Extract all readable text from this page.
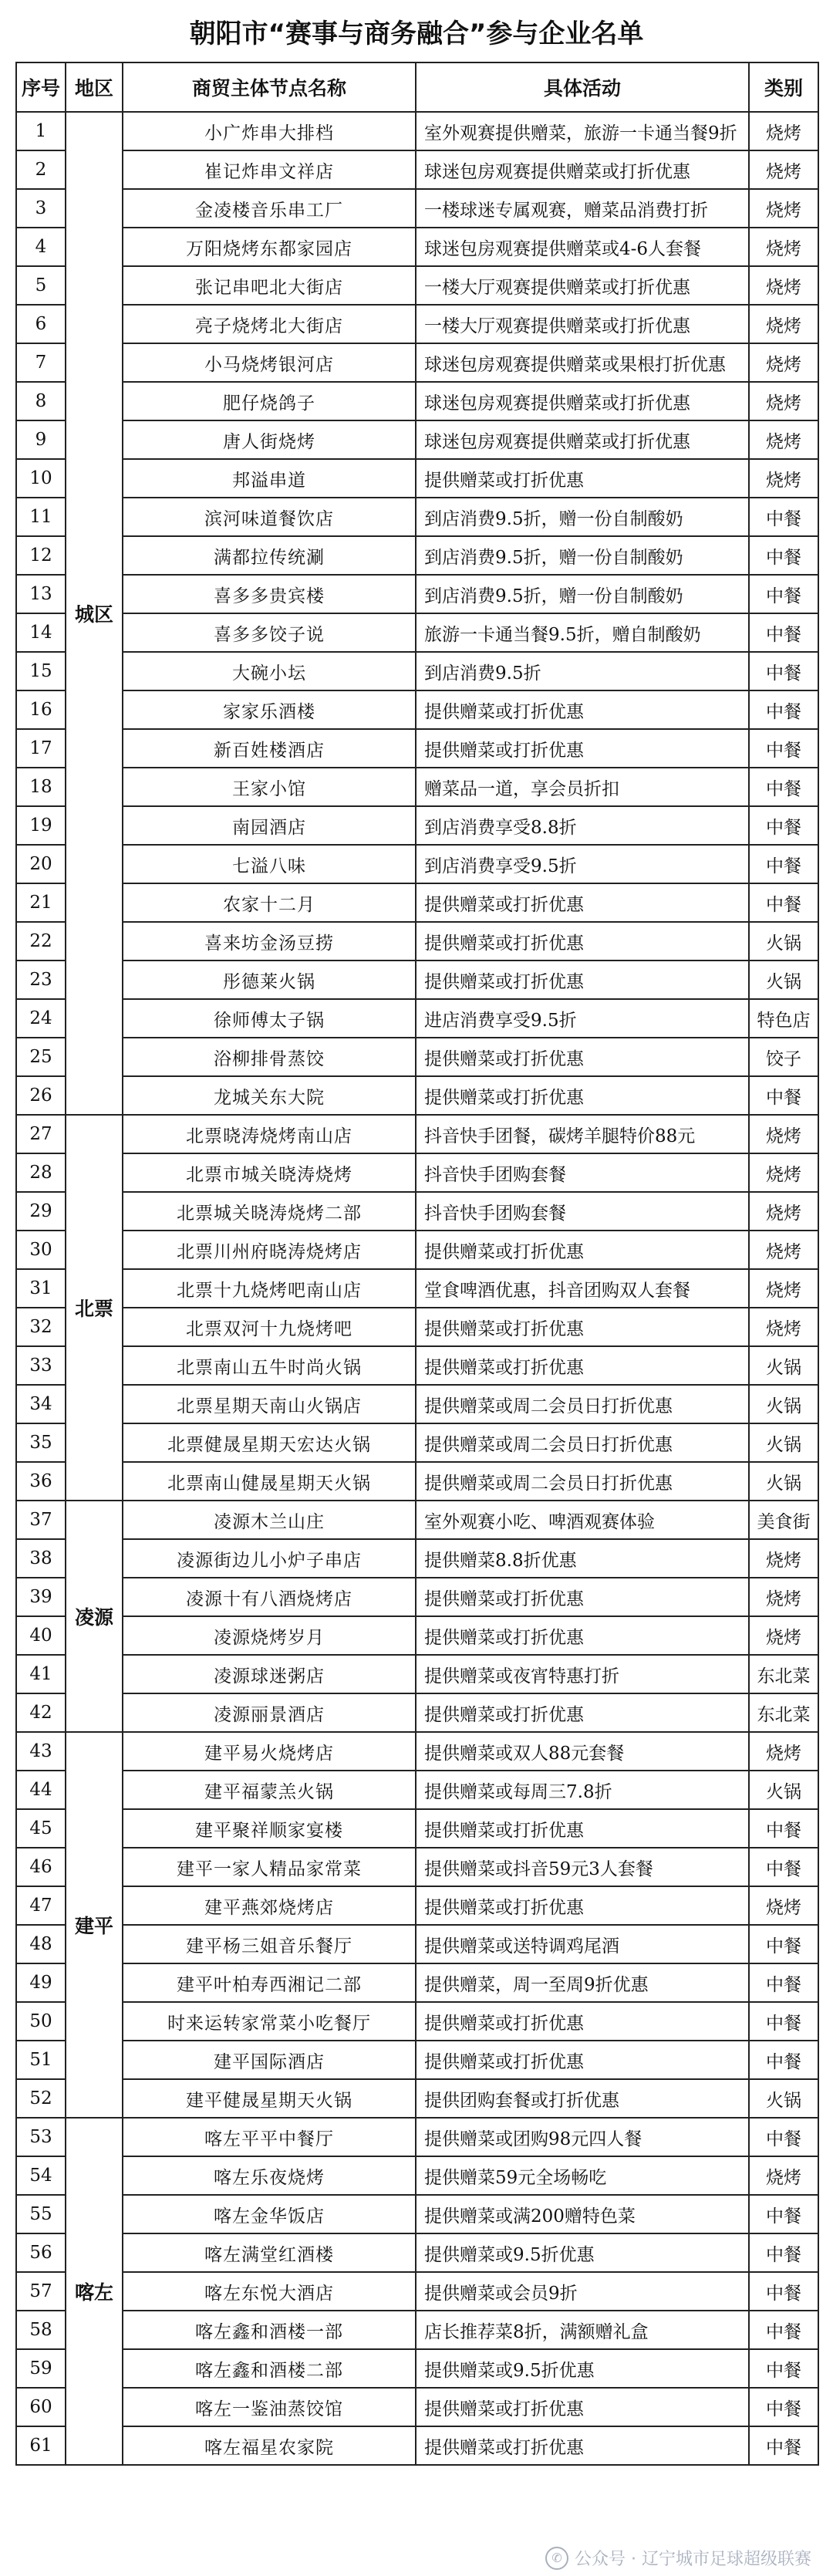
朝阳市“赛事与商务融合”参与企业名单
序号	地区	商贸主体节点名称	具体活动	类别
1	城区	小广炸串大排档	室外观赛提供赠菜，旅游一卡通当餐9折	烧烤
2		崔记炸串文祥店	球迷包房观赛提供赠菜或打折优惠	烧烤
3		金凌楼音乐串工厂	一楼球迷专属观赛，赠菜品消费打折	烧烤
4		万阳烧烤东都家园店	球迷包房观赛提供赠菜或4-6人套餐	烧烤
5		张记串吧北大街店	一楼大厅观赛提供赠菜或打折优惠	烧烤
6		亮子烧烤北大街店	一楼大厅观赛提供赠菜或打折优惠	烧烤
7		小马烧烤银河店	球迷包房观赛提供赠菜或果根打折优惠	烧烤
8		肥仔烧鸽子	球迷包房观赛提供赠菜或打折优惠	烧烤
9		唐人街烧烤	球迷包房观赛提供赠菜或打折优惠	烧烤
10		邦溢串道	提供赠菜或打折优惠	烧烤
11		滨河味道餐饮店	到店消费9.5折，赠一份自制酸奶	中餐
12		满都拉传统涮	到店消费9.5折，赠一份自制酸奶	中餐
13		喜多多贵宾楼	到店消费9.5折，赠一份自制酸奶	中餐
14		喜多多饺子说	旅游一卡通当餐9.5折，赠自制酸奶	中餐
15		大碗小坛	到店消费9.5折	中餐
16		家家乐酒楼	提供赠菜或打折优惠	中餐
17		新百姓楼酒店	提供赠菜或打折优惠	中餐
18		王家小馆	赠菜品一道，享会员折扣	中餐
19		南园酒店	到店消费享受8.8折	中餐
20		七溢八味	到店消费享受9.5折	中餐
21		农家十二月	提供赠菜或打折优惠	中餐
22		喜来坊金汤豆捞	提供赠菜或打折优惠	火锅
23		彤德莱火锅	提供赠菜或打折优惠	火锅
24		徐师傅太子锅	进店消费享受9.5折	特色店
25		浴柳排骨蒸饺	提供赠菜或打折优惠	饺子
26		龙城关东大院	提供赠菜或打折优惠	中餐
27	北票	北票晓涛烧烤南山店	抖音快手团餐，碳烤羊腿特价88元	烧烤
28		北票市城关晓涛烧烤	抖音快手团购套餐	烧烤
29		北票城关晓涛烧烤二部	抖音快手团购套餐	烧烤
30		北票川州府晓涛烧烤店	提供赠菜或打折优惠	烧烤
31		北票十九烧烤吧南山店	堂食啤酒优惠，抖音团购双人套餐	烧烤
32		北票双河十九烧烤吧	提供赠菜或打折优惠	烧烤
33		北票南山五牛时尚火锅	提供赠菜或打折优惠	火锅
34		北票星期天南山火锅店	提供赠菜或周二会员日打折优惠	火锅
35		北票健晟星期天宏达火锅	提供赠菜或周二会员日打折优惠	火锅
36		北票南山健晟星期天火锅	提供赠菜或周二会员日打折优惠	火锅
37	凌源	凌源木兰山庄	室外观赛小吃、啤酒观赛体验	美食街
38		凌源街边儿小炉子串店	提供赠菜8.8折优惠	烧烤
39		凌源十有八酒烧烤店	提供赠菜或打折优惠	烧烤
40		凌源烧烤岁月	提供赠菜或打折优惠	烧烤
41		凌源球迷粥店	提供赠菜或夜宵特惠打折	东北菜
42		凌源丽景酒店	提供赠菜或打折优惠	东北菜
43	建平	建平易火烧烤店	提供赠菜或双人88元套餐	烧烤
44		建平福蒙羔火锅	提供赠菜或每周三7.8折	火锅
45		建平聚祥顺家宴楼	提供赠菜或打折优惠	中餐
46		建平一家人精品家常菜	提供赠菜或抖音59元3人套餐	中餐
47		建平燕郊烧烤店	提供赠菜或打折优惠	烧烤
48		建平杨三姐音乐餐厅	提供赠菜或送特调鸡尾酒	中餐
49		建平叶柏寿西湘记二部	提供赠菜，周一至周9折优惠	中餐
50		时来运转家常菜小吃餐厅	提供赠菜或打折优惠	中餐
51		建平国际酒店	提供赠菜或打折优惠	中餐
52		建平健晟星期天火锅	提供团购套餐或打折优惠	火锅
53	喀左	喀左平平中餐厅	提供赠菜或团购98元四人餐	中餐
54		喀左乐夜烧烤	提供赠菜59元全场畅吃	烧烤
55		喀左金华饭店	提供赠菜或满200赠特色菜	中餐
56		喀左满堂红酒楼	提供赠菜或9.5折优惠	中餐
57		喀左东悦大酒店	提供赠菜或会员9折	中餐
58		喀左鑫和酒楼一部	店长推荐菜8折，满额赠礼盒	中餐
59		喀左鑫和酒楼二部	提供赠菜或9.5折优惠	中餐
60		喀左一鉴油蒸饺馆	提供赠菜或打折优惠	中餐
61		喀左福星农家院	提供赠菜或打折优惠	中餐
✆ 公众号 · 辽宁城市足球超级联赛
